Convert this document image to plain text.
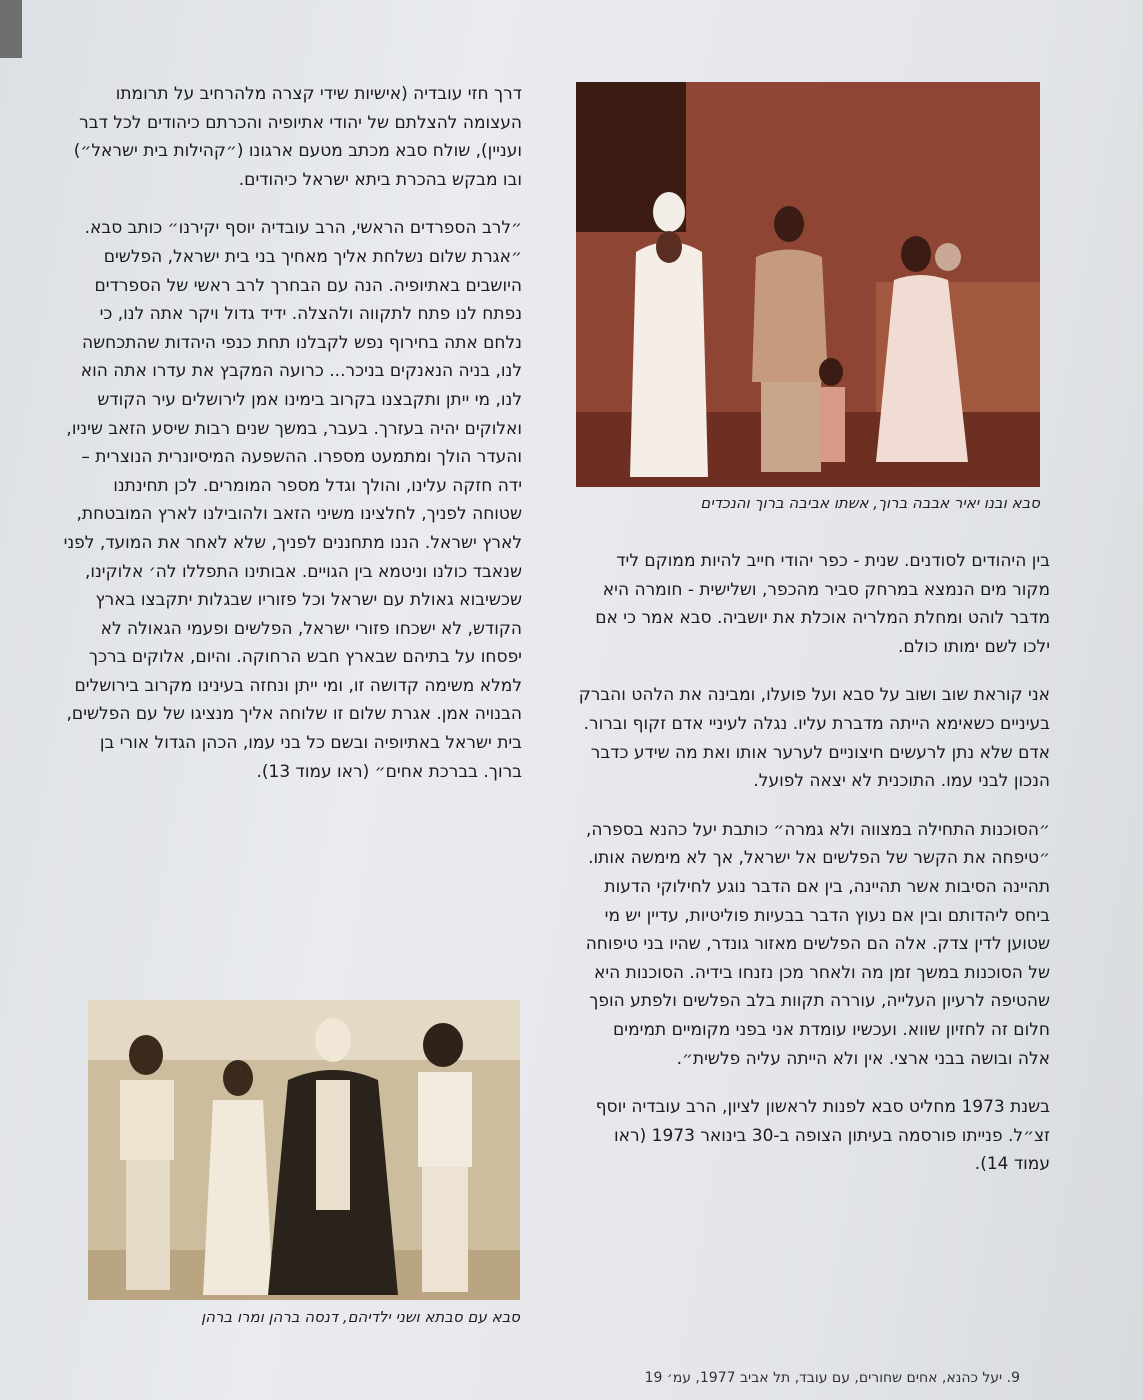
דרך חזי עובדיה (אישיות שידי קצרה מלהרחיב על תרומתו העצומה להצלתם של יהודי אתיופיה והכרתם כיהודים לכל דבר ועניין), שולח סבא מכתב מטעם ארגונו (״קהילות בית ישראל״) ובו מבקש בהכרת ביתא ישראל כיהודים.

״לרב הספרדים הראשי, הרב עובדיה יוסף יקירנו״ כותב סבא. ״אגרת שלום נשלחת אליך מאחיך בני בית ישראל, הפלשים היושבים באתיופיה. הנה עם הבחרך לרב ראשי של הספרדים נפתח לנו פתח לתקווה ולהצלה. ידיד גדול ויקר אתה לנו, כי נלחם אתה בחירוף נפש לקבלנו תחת כנפי היהדות שהתכחשה לנו, בניה הנאנקים בניכר... כרועה המקבץ את עדרו אתה הוא לנו, מי ייתן ותקבצנו בקרוב בימינו אמן לירושלים עיר הקודש ואלוקים יהיה בעזרך. בעבר, במשך שנים רבות שיסע הזאב שיניו, והעדר הולך ומתמעט מספרו. ההשפעה המיסיונרית הנוצרית – ידה חזקה עלינו, והולך וגדל מספר המומרים. לכן תחינתנו שטוחה לפניך, לחלצינו משיני הזאב ולהובילנו לארץ המובטחת, לארץ ישראל. הננו מתחננים לפניך, שלא לאחר את המועד, לפני שנאבד כולנו וניטמא בין הגויים. אבותינו התפללו לה׳ אלוקינו, שכשיבוא גאולת עם ישראל וכל פזוריו שבגלות יתקבצו בארץ הקודש, לא ישכחו פזורי ישראל, הפלשים ופעמי הגאולה לא יפסחו על בתיהם שבארץ חבש הרחוקה. והיום, אלוקים ברכך למלא משימה קדושה זו, ומי ייתן ונחזה בעינינו מקרוב בירושלים הבנויה אמן. אגרת שלום זו שלוחה אליך מנציגו של עם הפלשים, בית ישראל באתיופיה ובשם כל בני עמו, הכהן הגדול אורי בן ברוך. בברכת אחים״ (ראו עמוד 13).

סבא ובנו יאיר אבבה ברוך, אשתו אביבה ברוך והנכדים

בין היהודים לסודנים. שנית - כפר יהודי חייב להיות ממוקם ליד מקור מים הנמצא במרחק סביר מהכפר, ושלישית - חומרה היא מדבר לוהט ומחלת המלריה אוכלת את יושביה. סבא אמר כי אם ילכו לשם ימותו כולם.

אני קוראת שוב ושוב על סבא ועל פועלו, ומבינה את הלהט והברק בעיניים כשאימא הייתה מדברת עליו. נגלה לעיניי אדם זקוף וברור. אדם שלא נתן לרעשים חיצוניים לערער אותו ואת מה שידע כדבר הנכון לבני עמו. התוכנית לא יצאה לפועל.

״הסוכנות התחילה במצווה ולא גמרה״ כותבת יעל כהנא בספרה, ״טיפחה את הקשר של הפלשים אל ישראל, אך לא מימשה אותו. תהיינה הסיבות אשר תהיינה, בין אם הדבר נוגע לחילוקי הדעות ביחס ליהדותם ובין אם נעוץ הדבר בבעיות פוליטיות, עדיין יש מי שטוען לדין צדק. אלה הם הפלשים מאזור גונדר, שהיו בני טיפוחה של הסוכנות במשך זמן מה ולאחר מכן נזנחו בידיה. הסוכנות היא שהטיפה לרעיון העלייה, עוררה תקוות בלב הפלשים ולפתע הופך חלום זה לחזיון שווא. ועכשיו עומדת אני בפני מקומיים תמימים אלה ובושה בבני ארצי. אין ולא הייתה עליה פלשית״.

בשנת 1973 מחליט סבא לפנות לראשון לציון, הרב עובדיה יוסף זצ״ל. פנייתו פורסמה בעיתון הצופה ב-30 בינואר 1973 (ראו עמוד 14).

סבא עם סבתא ושני ילדיהם, דנסה ברהן ומרו ברהן
9. יעל כהנא, אחים שחורים, עם עובד, תל אביב 1977, עמ׳ 19
